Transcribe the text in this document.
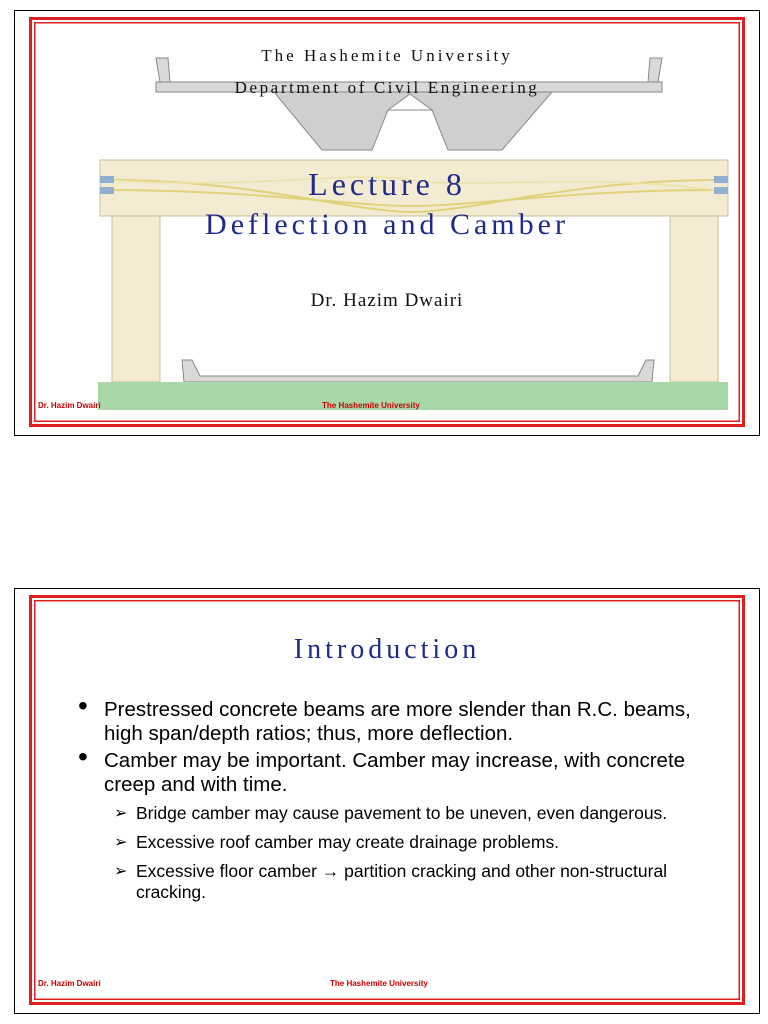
The Hashemite University
Department of Civil Engineering
Lecture 8
Deflection and Camber
Dr. Hazim Dwairi
Dr. Hazim Dwairi	The Hashemite University
Introduction
• Prestressed concrete beams are more slender than R.C. beams, high span/depth ratios; thus, more deflection.
• Camber may be important. Camber may increase, with concrete creep and with time.
➢ Bridge camber may cause pavement to be uneven, even dangerous.
➢ Excessive roof camber may create drainage problems.
➢ Excessive floor camber → partition cracking and other non-structural cracking.
Dr. Hazim Dwairi	The Hashemite University
